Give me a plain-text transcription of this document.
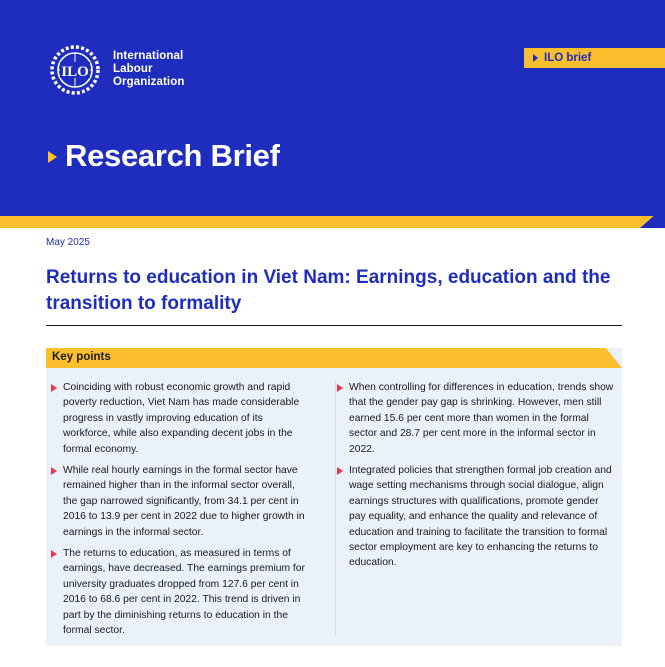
ILO
International
Labour
Organization
ILO brief
Research Brief
May 2025
Returns to education in Viet Nam: Earnings, education and the transition to formality
Key points
Coinciding with robust economic growth and rapid poverty reduction, Viet Nam has made considerable progress in vastly improving education of its workforce, while also expanding decent jobs in the formal economy.
While real hourly earnings in the formal sector have remained higher than in the informal sector overall, the gap narrowed significantly, from 34.1 per cent in 2016 to 13.9 per cent in 2022 due to higher growth in earnings in the informal sector.
The returns to education, as measured in terms of earnings, have decreased. The earnings premium for university graduates dropped from 127.6 per cent in 2016 to 68.6 per cent in 2022. This trend is driven in part by the diminishing returns to education in the formal sector.
When controlling for differences in education, trends show that the gender pay gap is shrinking. However, men still earned 15.6 per cent more than women in the formal sector and 28.7 per cent more in the informal sector in 2022.
Integrated policies that strengthen formal job creation and wage setting mechanisms through social dialogue, align earnings structures with qualifications, promote gender pay equality, and enhance the quality and relevance of education and training to facilitate the transition to formal sector employment are key to enhancing the returns to education.
